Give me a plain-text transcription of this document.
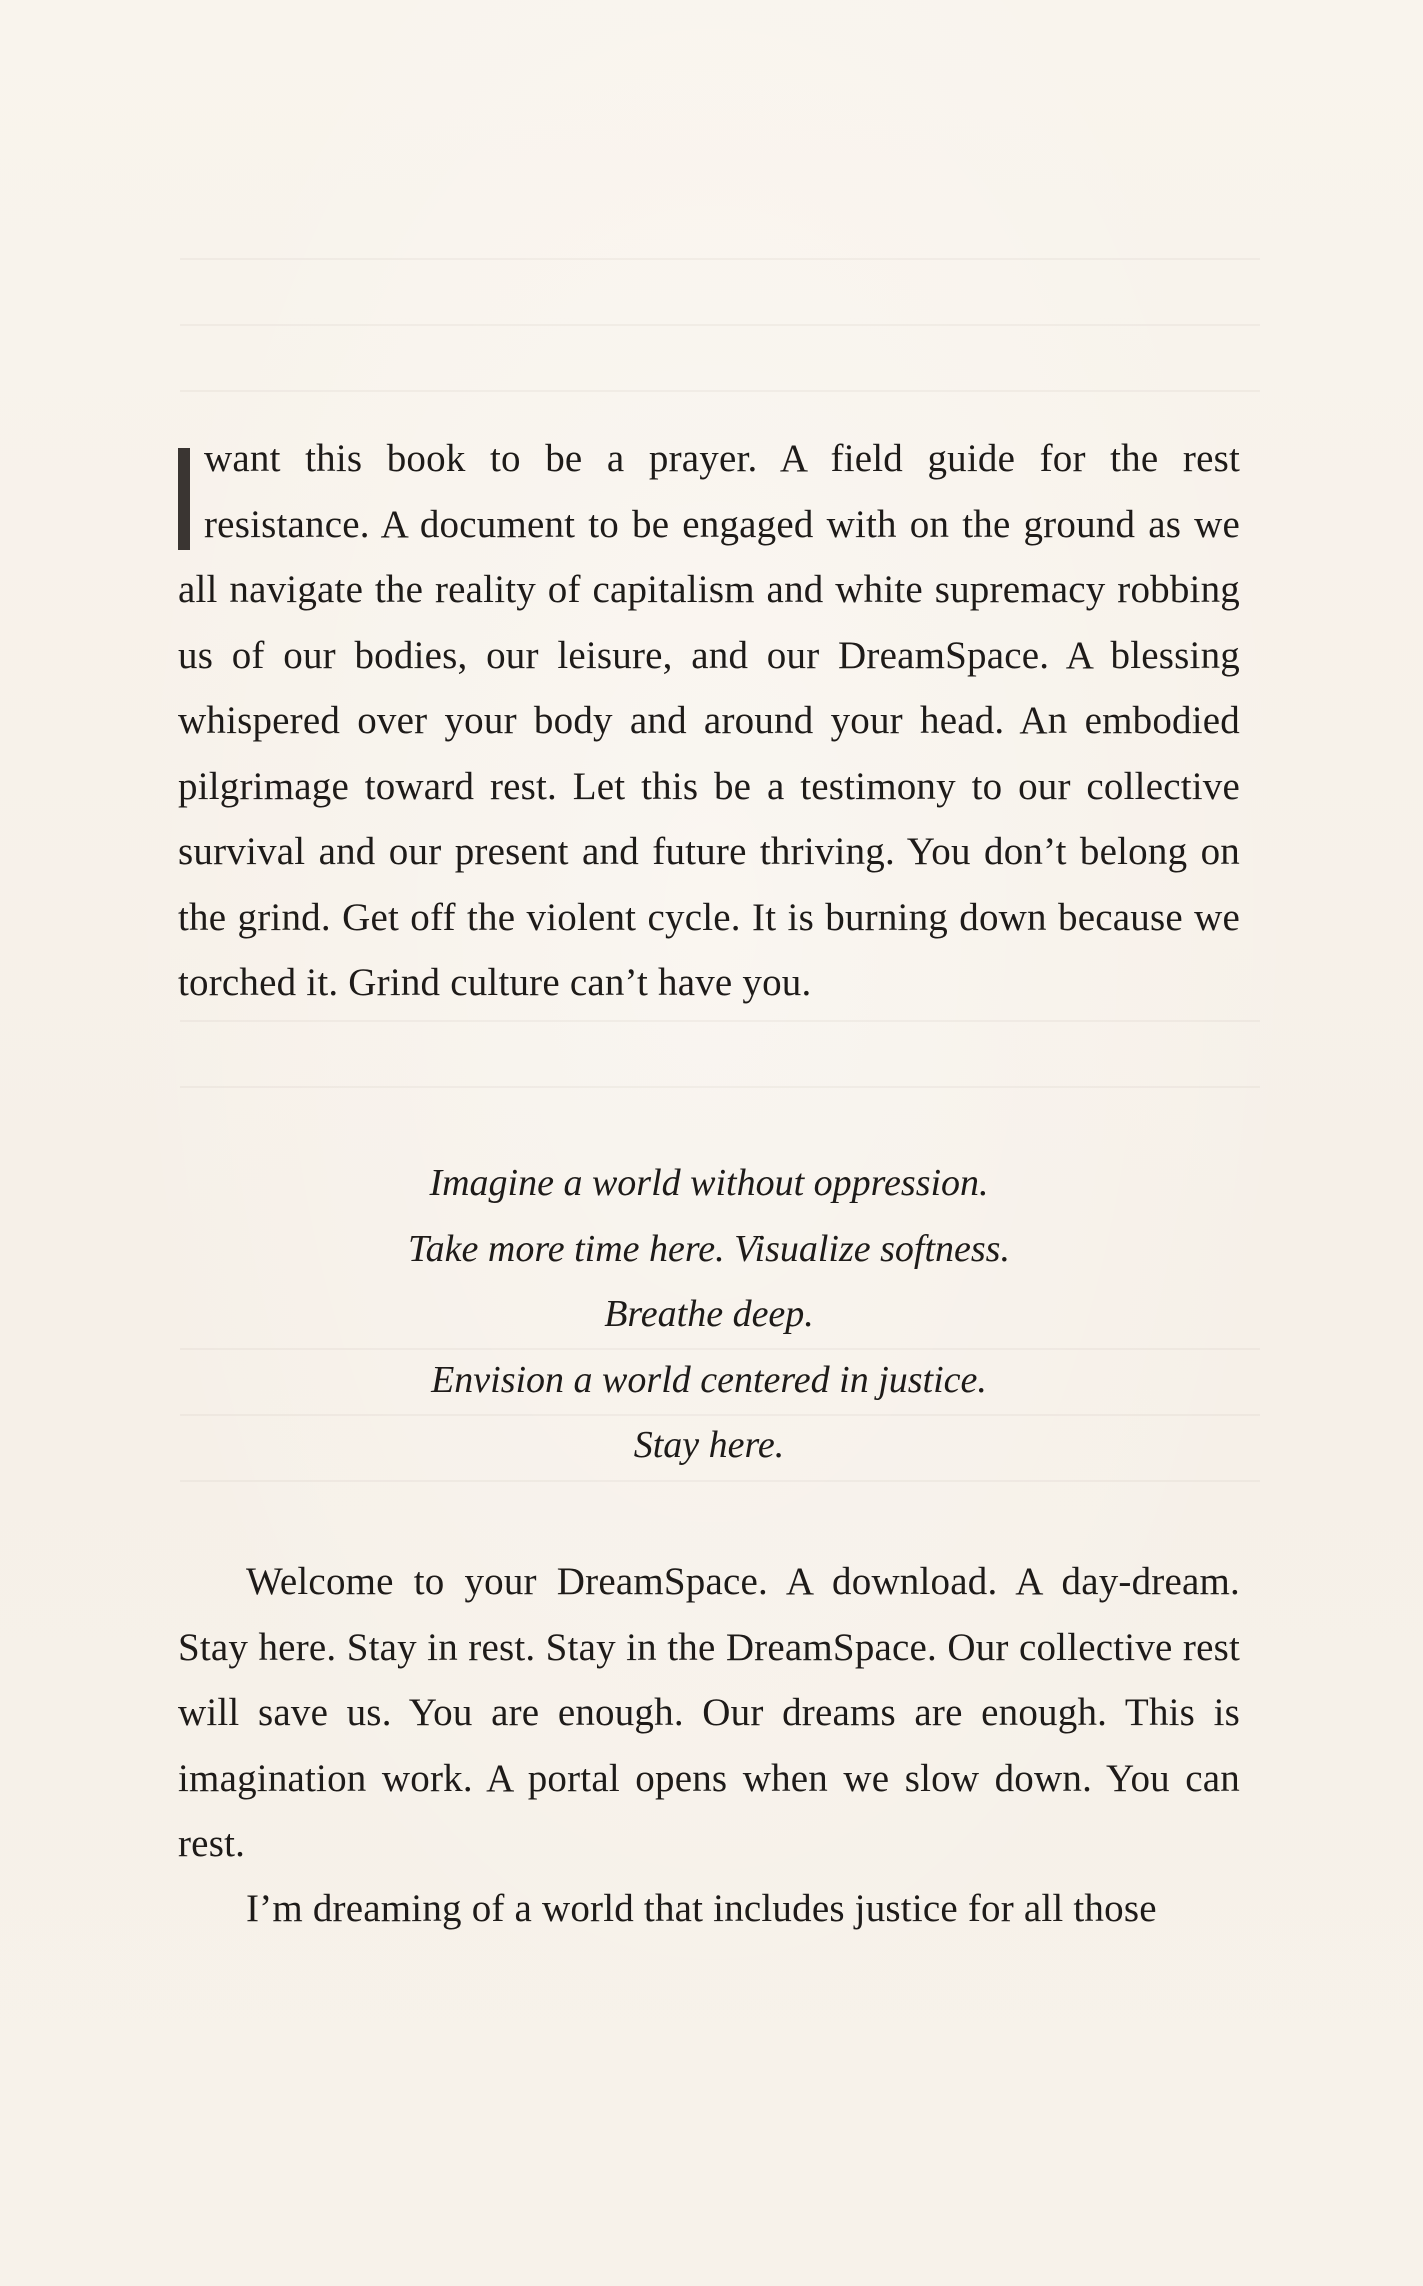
want this book to be a prayer. A field guide for the rest resistance. A document to be engaged with on the ground as we all navigate the reality of capitalism and white supremacy robbing us of our bodies, our leisure, and our DreamSpace. A blessing whispered over your body and around your head. An embodied pilgrimage toward rest. Let this be a testimony to our collective survival and our present and future thriving. You don’t belong on the grind. Get off the violent cycle. It is burning down because we torched it. Grind culture can’t have you.

Imagine a world without oppression.
Take more time here. Visualize softness.
Breathe deep.
Envision a world centered in justice.
Stay here.

Welcome to your DreamSpace. A download. A day-dream. Stay here. Stay in rest. Stay in the DreamSpace. Our collective rest will save us. You are enough. Our dreams are enough. This is imagination work. A portal opens when we slow down. You can rest.

I’m dreaming of a world that includes justice for all those
